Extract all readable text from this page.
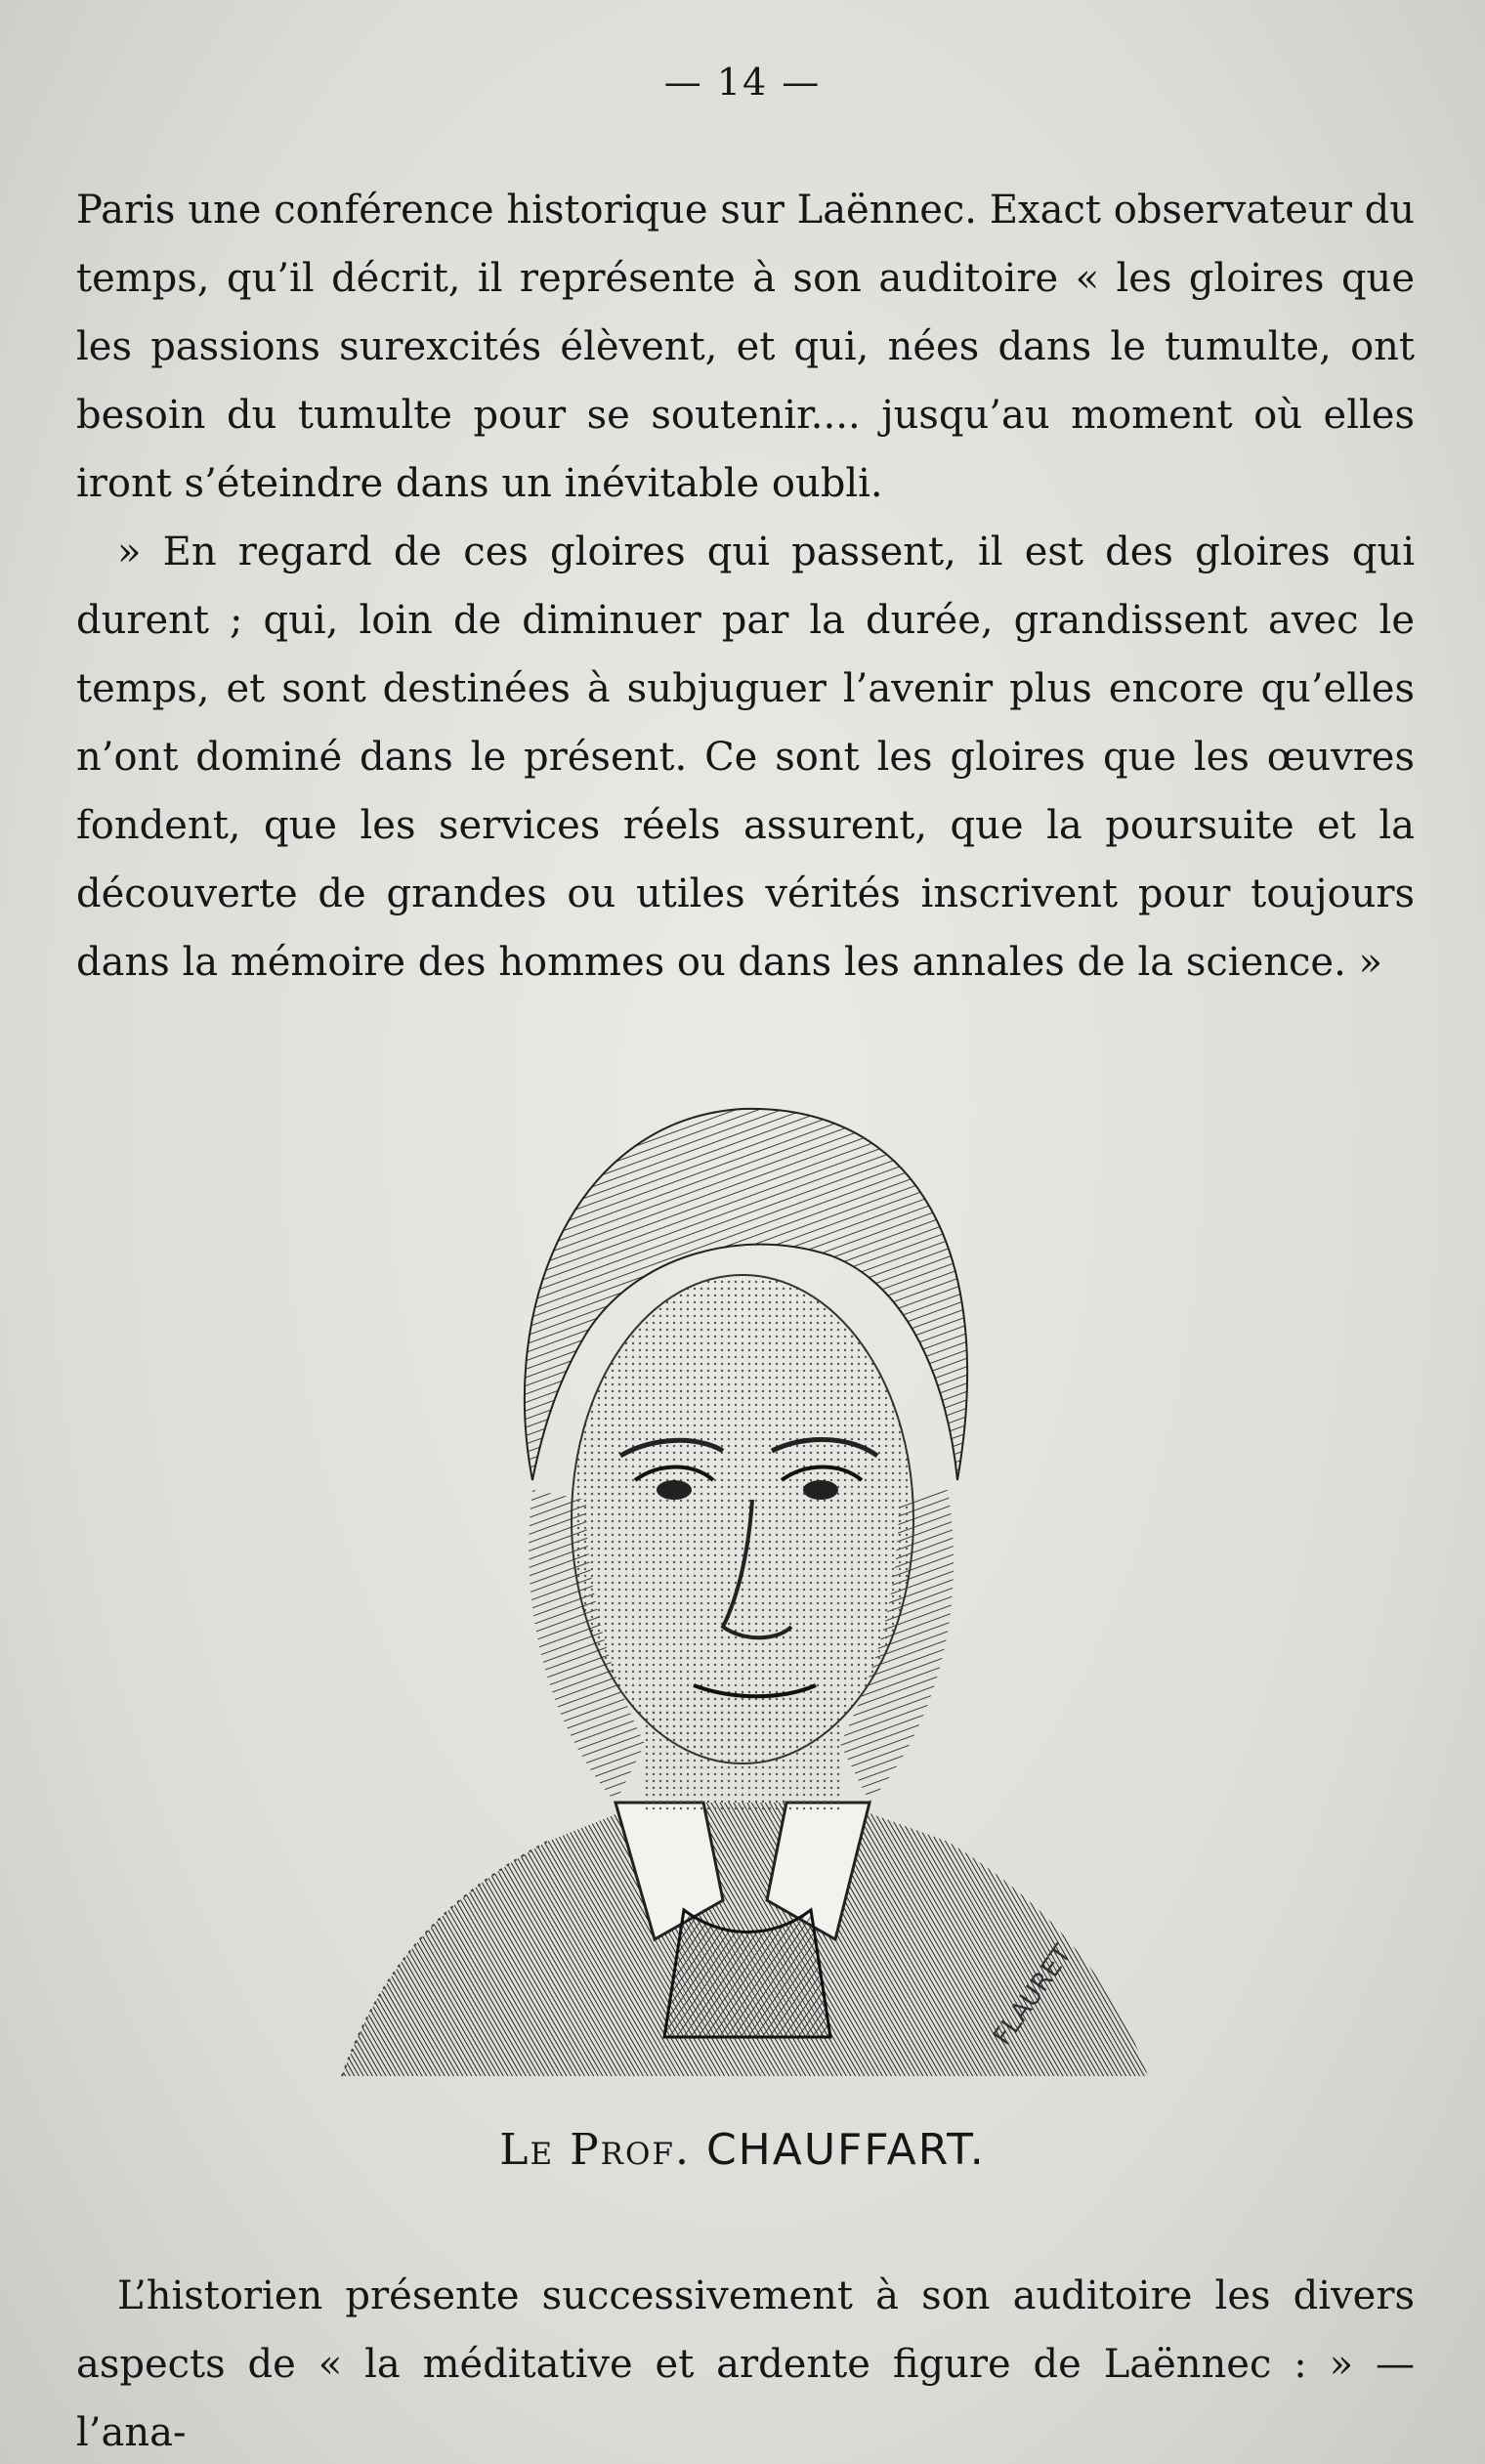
— 14 —

Paris une conférence historique sur Laënnec. Exact observateur du temps, qu’il décrit, il représente à son auditoire « les gloires que les passions surexcités élèvent, et qui, nées dans le tumulte, ont besoin du tumulte pour se soutenir.... jusqu’au moment où elles iront s’éteindre dans un inévitable oubli.

» En regard de ces gloires qui passent, il est des gloires qui durent ; qui, loin de diminuer par la durée, grandissent avec le temps, et sont destinées à subjuguer l’avenir plus encore qu’elles n’ont dominé dans le présent. Ce sont les gloires que les œuvres fondent, que les services réels assurent, que la poursuite et la découverte de grandes ou utiles vérités inscrivent pour toujours dans la mémoire des hommes ou dans les annales de la science. »

FLAURET
Le Prof. CHAUFFART.

L’historien présente successivement à son auditoire les divers aspects de « la méditative et ardente figure de Laënnec : » — l’ana-
